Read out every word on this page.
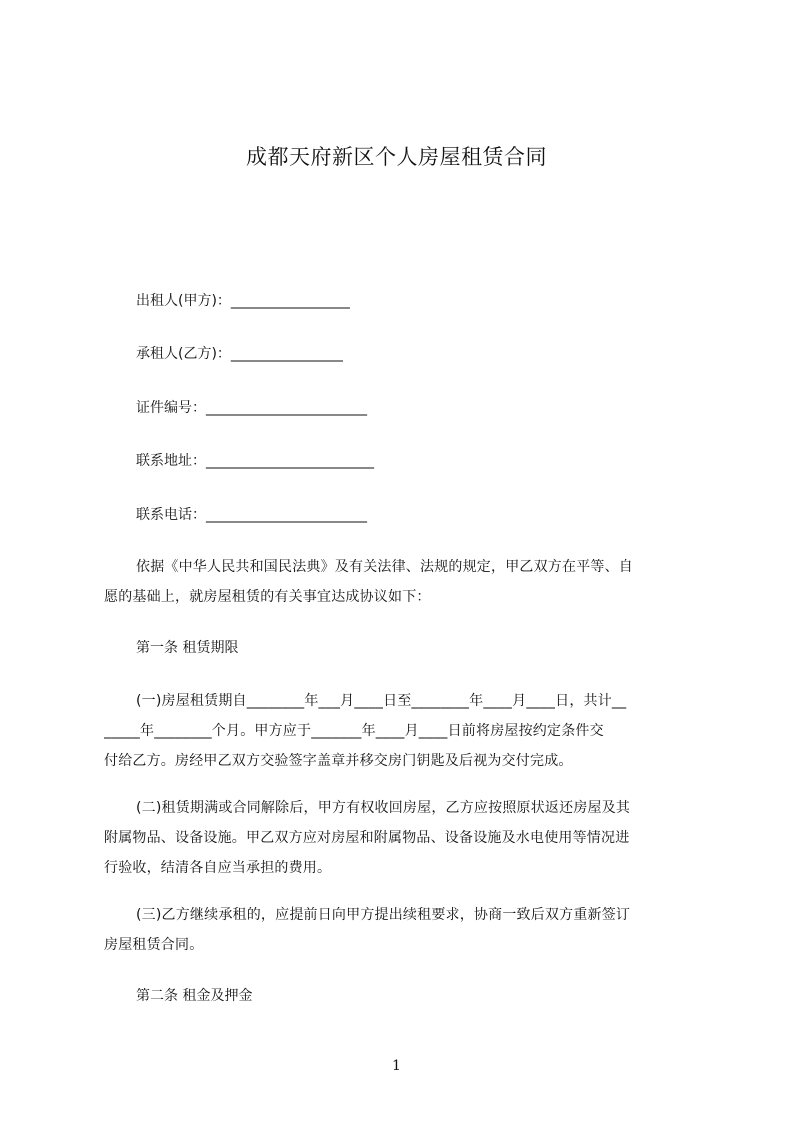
成都天府新区个人房屋租赁合同
出租人(甲方)：_________________
承租人(乙方)：________________
证件编号：_______________________
联系地址：________________________
联系电话：_______________________
依据《中华人民共和国民法典》及有关法律、法规的规定，甲乙双方在平等、自
愿的基础上，就房屋租赁的有关事宜达成协议如下：
第一条 租赁期限
(一)房屋租赁期自________年___月____日至________年____月____日，共计__
_____年________个月。甲方应于_______年____月____日前将房屋按约定条件交
付给乙方。房经甲乙双方交验签字盖章并移交房门钥匙及后视为交付完成。
(二)租赁期满或合同解除后，甲方有权收回房屋，乙方应按照原状返还房屋及其
附属物品、设备设施。甲乙双方应对房屋和附属物品、设备设施及水电使用等情况进
行验收，结清各自应当承担的费用。
(三)乙方继续承租的，应提前日向甲方提出续租要求，协商一致后双方重新签订
房屋租赁合同。
第二条 租金及押金
1
